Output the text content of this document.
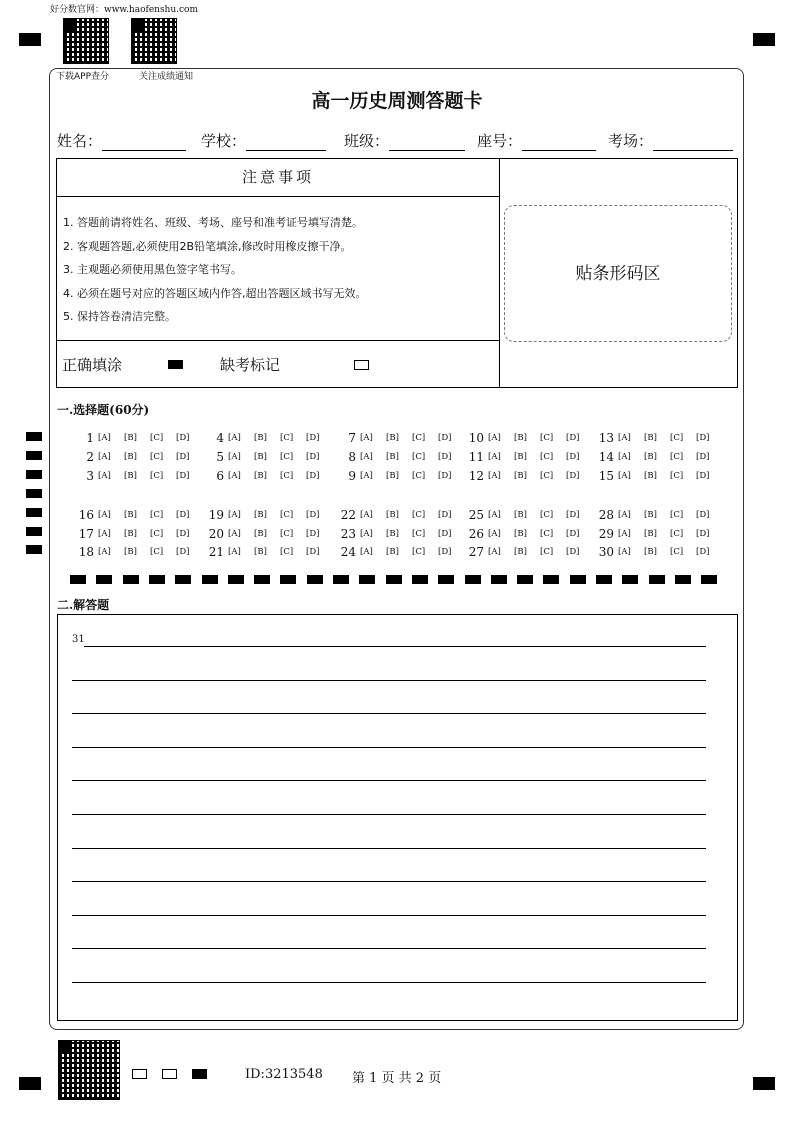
好分数官网：www.haofenshu.com
下载APP查分	关注成绩通知
高一历史周测答题卡
姓名：	学校：	班级：	座号：	考场：
注意事项
1. 答题前请将姓名、班级、考场、座号和准考证号填写清楚。
2. 客观题答题,必须使用2B铅笔填涂,修改时用橡皮擦干净。
3. 主观题必须使用黑色签字笔书写。
4. 必须在题号对应的答题区域内作答,超出答题区域书写无效。
5. 保持答卷清洁完整。
正确填涂	缺考标记
贴条形码区
一.选择题(60分)
1 [A] [B] [C] [D]	4 [A] [B] [C] [D]	7 [A] [B] [C] [D]	10 [A] [B] [C] [D]	13 [A] [B] [C] [D]
2 [A] [B] [C] [D]	5 [A] [B] [C] [D]	8 [A] [B] [C] [D]	11 [A] [B] [C] [D]	14 [A] [B] [C] [D]
3 [A] [B] [C] [D]	6 [A] [B] [C] [D]	9 [A] [B] [C] [D]	12 [A] [B] [C] [D]	15 [A] [B] [C] [D]
16 [A] [B] [C] [D]	19 [A] [B] [C] [D]	22 [A] [B] [C] [D]	25 [A] [B] [C] [D]	28 [A] [B] [C] [D]
17 [A] [B] [C] [D]	20 [A] [B] [C] [D]	23 [A] [B] [C] [D]	26 [A] [B] [C] [D]	29 [A] [B] [C] [D]
18 [A] [B] [C] [D]	21 [A] [B] [C] [D]	24 [A] [B] [C] [D]	27 [A] [B] [C] [D]	30 [A] [B] [C] [D]
二.解答题
31
ID:3213548 第 1 页 共 2 页
